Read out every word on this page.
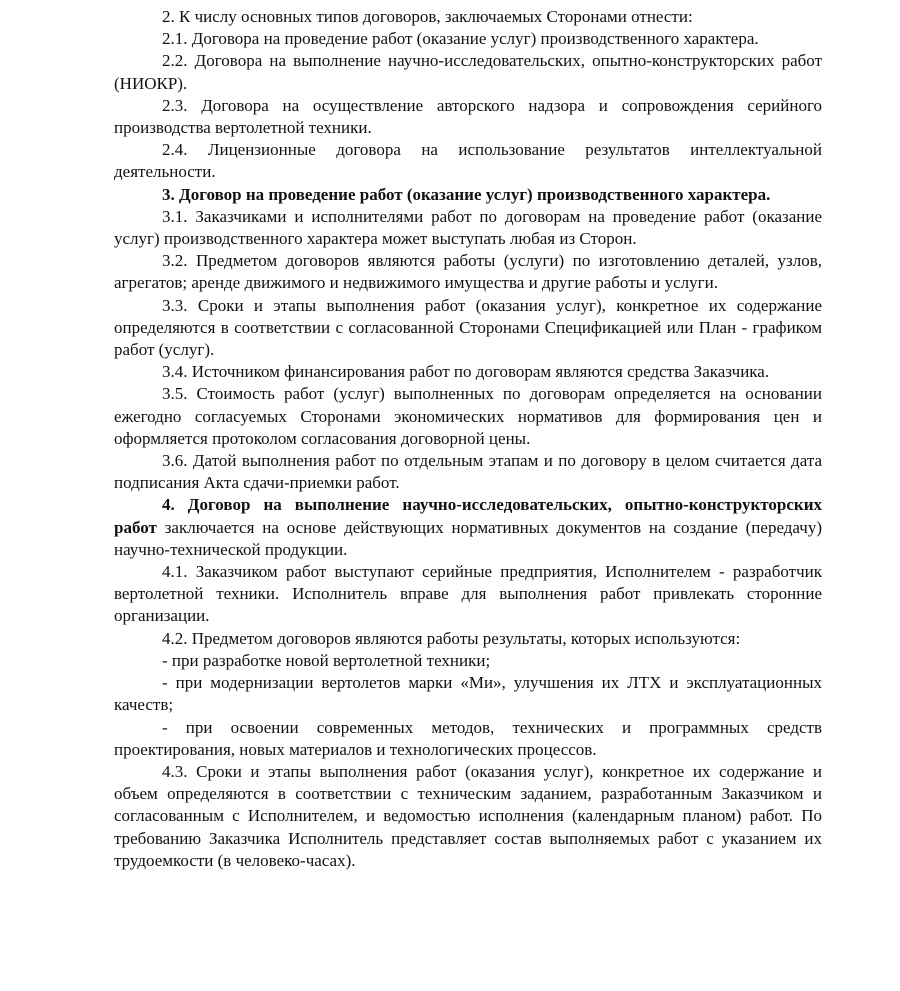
2. К числу основных типов договоров, заключаемых Сторонами отнести:

2.1. Договора на проведение работ (оказание услуг) производственного характера.

2.2. Договора на выполнение научно-исследовательских, опытно-конструкторских работ (НИОКР).

2.3. Договора на осуществление авторского надзора и сопровождения серийного производства вертолетной техники.

2.4. Лицензионные договора на использование результатов интеллектуальной деятельности.

3. Договор на проведение работ (оказание услуг) производственного характера.

3.1. Заказчиками и исполнителями работ по договорам на проведение работ (оказание услуг) производственного характера может выступать любая из Сторон.

3.2. Предметом договоров являются работы (услуги) по изготовлению деталей, узлов, агрегатов; аренде движимого и недвижимого имущества и другие работы и услуги.

3.3. Сроки и этапы выполнения работ (оказания услуг), конкретное их содержание определяются в соответствии с согласованной Сторонами Спецификацией или План - графиком работ (услуг).

3.4. Источником финансирования работ по договорам являются средства Заказчика.

3.5. Стоимость работ (услуг) выполненных по договорам определяется на основании ежегодно согласуемых Сторонами экономических нормативов для формирования цен и оформляется протоколом согласования договорной цены.

3.6. Датой выполнения работ по отдельным этапам и по договору в целом считается дата подписания Акта сдачи-приемки работ.

4. Договор на выполнение научно-исследовательских, опытно-конструкторских работ заключается на основе действующих нормативных документов на создание (передачу) научно-технической продукции.

4.1. Заказчиком работ выступают серийные предприятия, Исполнителем - разработчик вертолетной техники. Исполнитель вправе для выполнения работ привлекать сторонние организации.

4.2. Предметом договоров являются работы результаты, которых используются:

- при разработке новой вертолетной техники;

- при модернизации вертолетов марки «Ми», улучшения их ЛТХ и эксплуатационных качеств;

- при освоении современных методов, технических и программных средств проектирования, новых материалов и технологических процессов.

4.3. Сроки и этапы выполнения работ (оказания услуг), конкретное их содержание и объем определяются в соответствии с техническим заданием, разработанным Заказчиком и согласованным с Исполнителем, и ведомостью исполнения (календарным планом) работ. По требованию Заказчика Исполнитель представляет состав выполняемых работ с указанием их трудоемкости (в человеко-часах).
